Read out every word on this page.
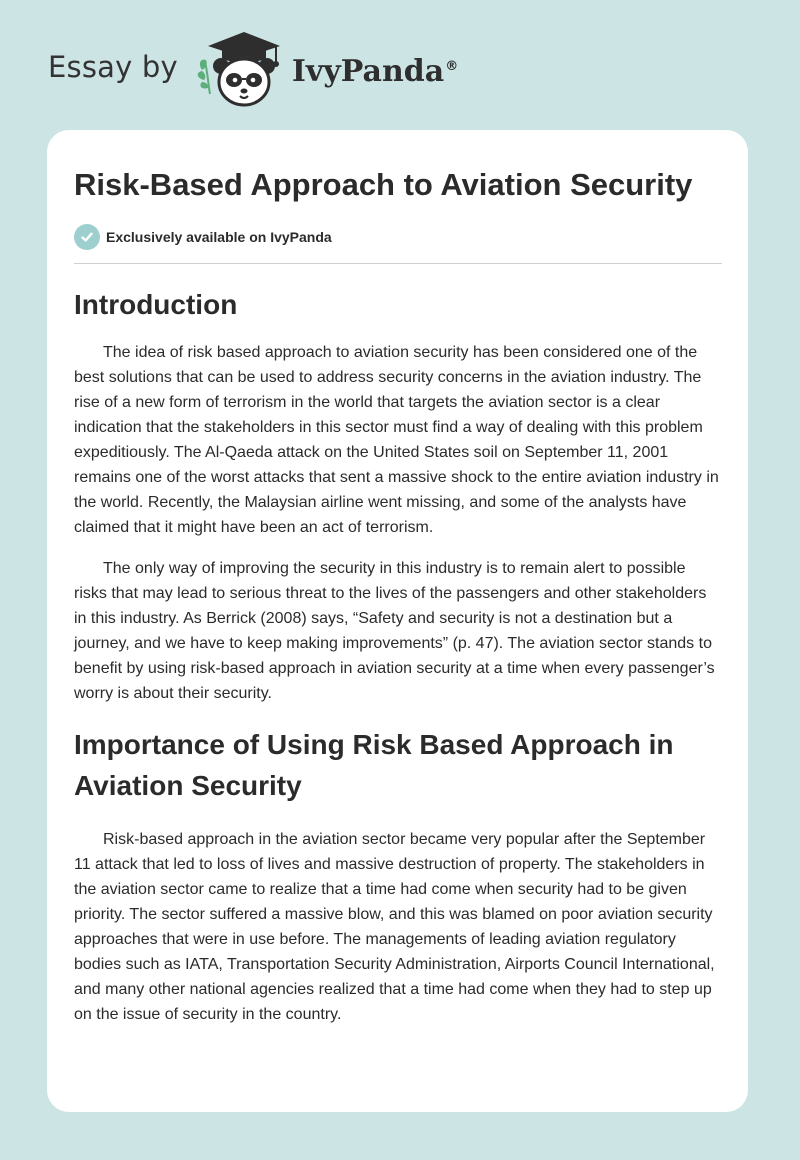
Essay by	IvyPanda®
Risk-Based Approach to Aviation Security
Exclusively available on IvyPanda
Introduction

The idea of risk based approach to aviation security has been considered one of the best solutions that can be used to address security concerns in the aviation industry. The rise of a new form of terrorism in the world that targets the aviation sector is a clear indication that the stakeholders in this sector must find a way of dealing with this problem expeditiously. The Al-Qaeda attack on the United States soil on September 11, 2001 remains one of the worst attacks that sent a massive shock to the entire aviation industry in the world. Recently, the Malaysian airline went missing, and some of the analysts have claimed that it might have been an act of terrorism.

The only way of improving the security in this industry is to remain alert to possible risks that may lead to serious threat to the lives of the passengers and other stakeholders in this industry. As Berrick (2008) says, “Safety and security is not a destination but a journey, and we have to keep making improvements” (p. 47). The aviation sector stands to benefit by using risk-based approach in aviation security at a time when every passenger’s worry is about their security.

Importance of Using Risk Based Approach in Aviation Security

Risk-based approach in the aviation sector became very popular after the September 11 attack that led to loss of lives and massive destruction of property. The stakeholders in the aviation sector came to realize that a time had come when security had to be given priority. The sector suffered a massive blow, and this was blamed on poor aviation security approaches that were in use before. The managements of leading aviation regulatory bodies such as IATA, Transportation Security Administration, Airports Council International, and many other national agencies realized that a time had come when they had to step up on the issue of security in the country.
